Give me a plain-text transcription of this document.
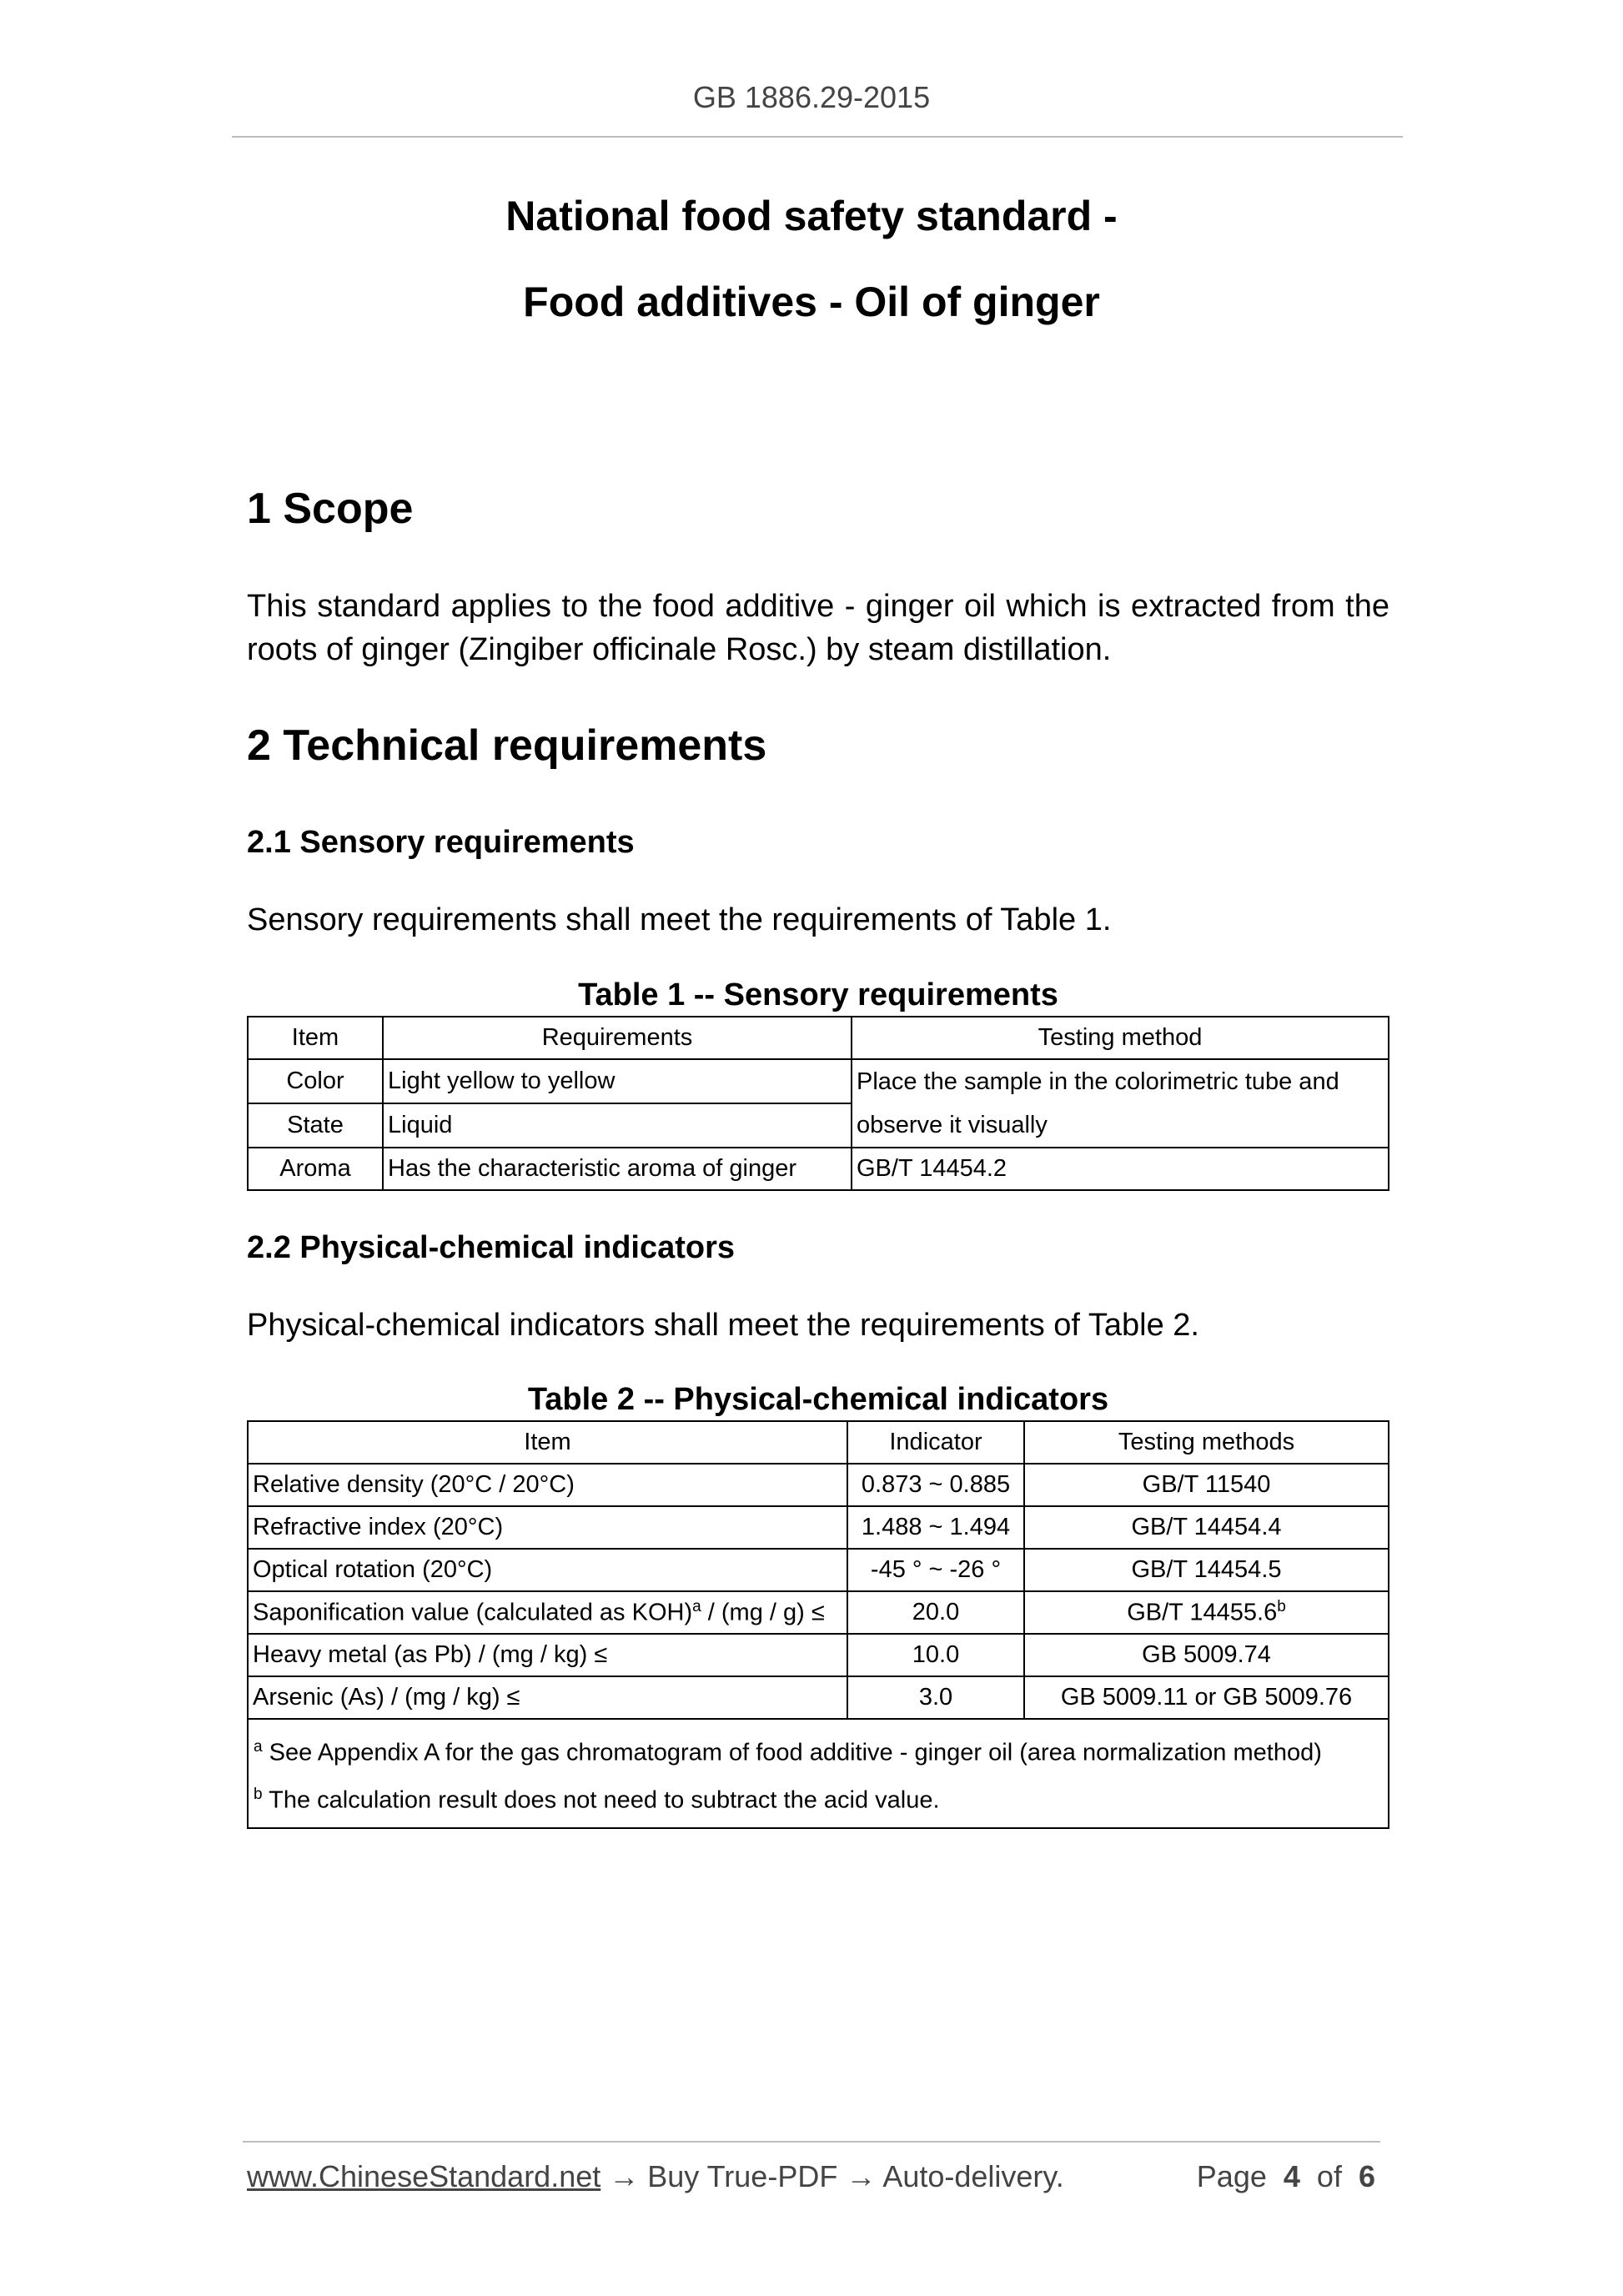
GB 1886.29-2015
National food safety standard -
Food additives - Oil of ginger
1 Scope
This standard applies to the food additive - ginger oil which is extracted from the roots of ginger (Zingiber officinale Rosc.) by steam distillation.
2 Technical requirements
2.1 Sensory requirements
Sensory requirements shall meet the requirements of Table 1.
Table 1 -- Sensory requirements
Item	Requirements	Testing method
Color	Light yellow to yellow	Place the sample in the colorimetric tube and
observe it visually
State	Liquid	
Aroma	Has the characteristic aroma of ginger	GB/T 14454.2
2.2 Physical-chemical indicators
Physical-chemical indicators shall meet the requirements of Table 2.
Table 2 -- Physical-chemical indicators
Item	Indicator	Testing methods
Relative density (20°C / 20°C)	0.873 ~ 0.885	GB/T 11540
Refractive index (20°C)	1.488 ~ 1.494	GB/T 14454.4
Optical rotation (20°C)	-45 ° ~ -26 °	GB/T 14454.5
Saponification value (calculated as KOH)$^a$ / (mg / g) ≤	20.0	GB/T 14455.6$^b$
Heavy metal (as Pb) / (mg / kg) ≤	10.0	GB 5009.74
Arsenic (As) / (mg / kg) ≤	3.0	GB 5009.11 or GB 5009.76

$^a$ See Appendix A for the gas chromatogram of food additive - ginger oil (area normalization method)
$^b$ The calculation result does not need to subtract the acid value.		
www.ChineseStandard.net → Buy True-PDF → Auto-delivery.	Page 4 of 6
